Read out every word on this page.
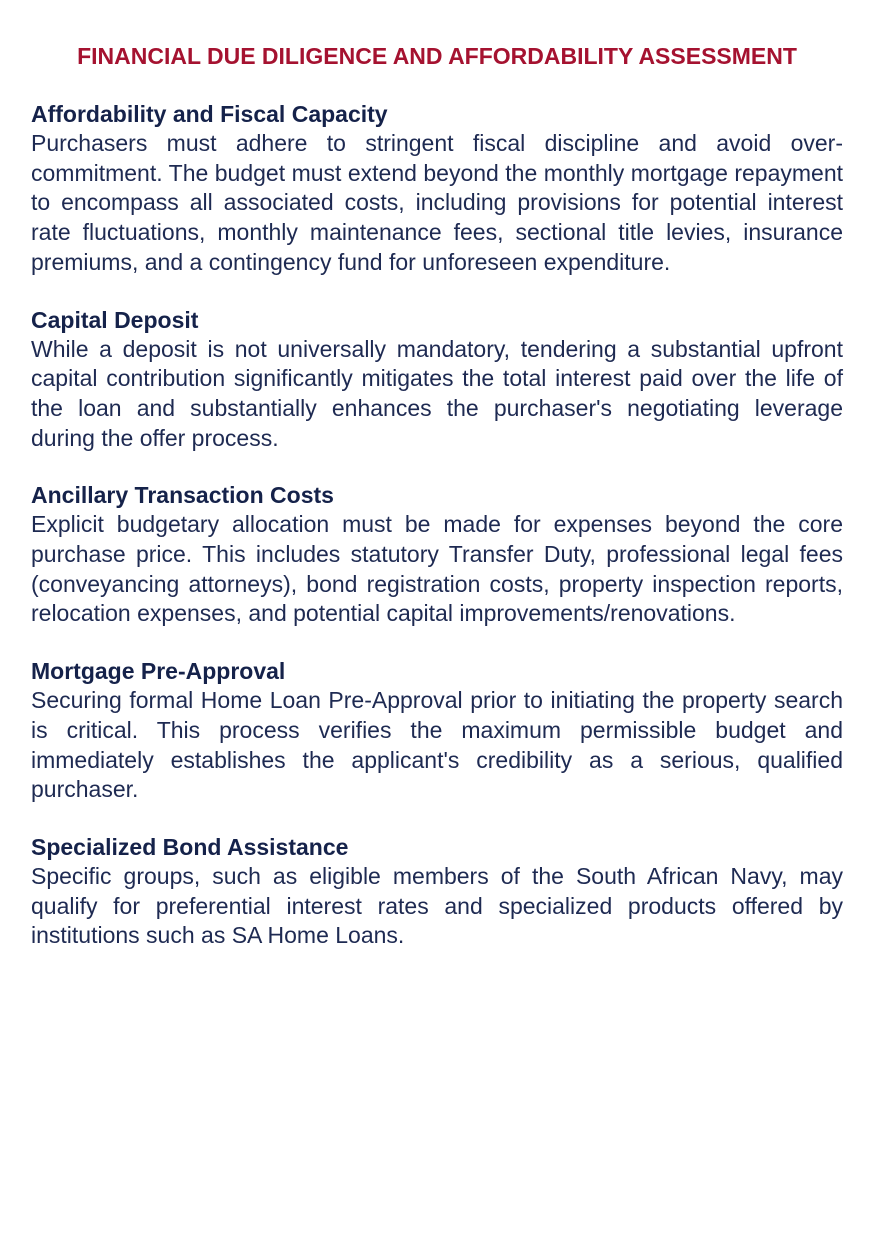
FINANCIAL DUE DILIGENCE AND AFFORDABILITY ASSESSMENT
Affordability and Fiscal Capacity

Purchasers must adhere to stringent fiscal discipline and avoid over-commitment. The budget must extend beyond the monthly mortgage repayment to encompass all associated costs, including provisions for potential interest rate fluctuations, monthly maintenance fees, sectional title levies, insurance premiums, and a contingency fund for unforeseen expenditure.

Capital Deposit

While a deposit is not universally mandatory, tendering a substantial upfront capital contribution significantly mitigates the total interest paid over the life of the loan and substantially enhances the purchaser's negotiating leverage during the offer process.

Ancillary Transaction Costs

Explicit budgetary allocation must be made for expenses beyond the core purchase price. This includes statutory Transfer Duty, professional legal fees (conveyancing attorneys), bond registration costs, property inspection reports, relocation expenses, and potential capital improvements/renovations.

Mortgage Pre-Approval

Securing formal Home Loan Pre-Approval prior to initiating the property search is critical. This process verifies the maximum permissible budget and immediately establishes the applicant's credibility as a serious, qualified purchaser.

Specialized Bond Assistance

Specific groups, such as eligible members of the South African Navy, may qualify for preferential interest rates and specialized products offered by institutions such as SA Home Loans.
